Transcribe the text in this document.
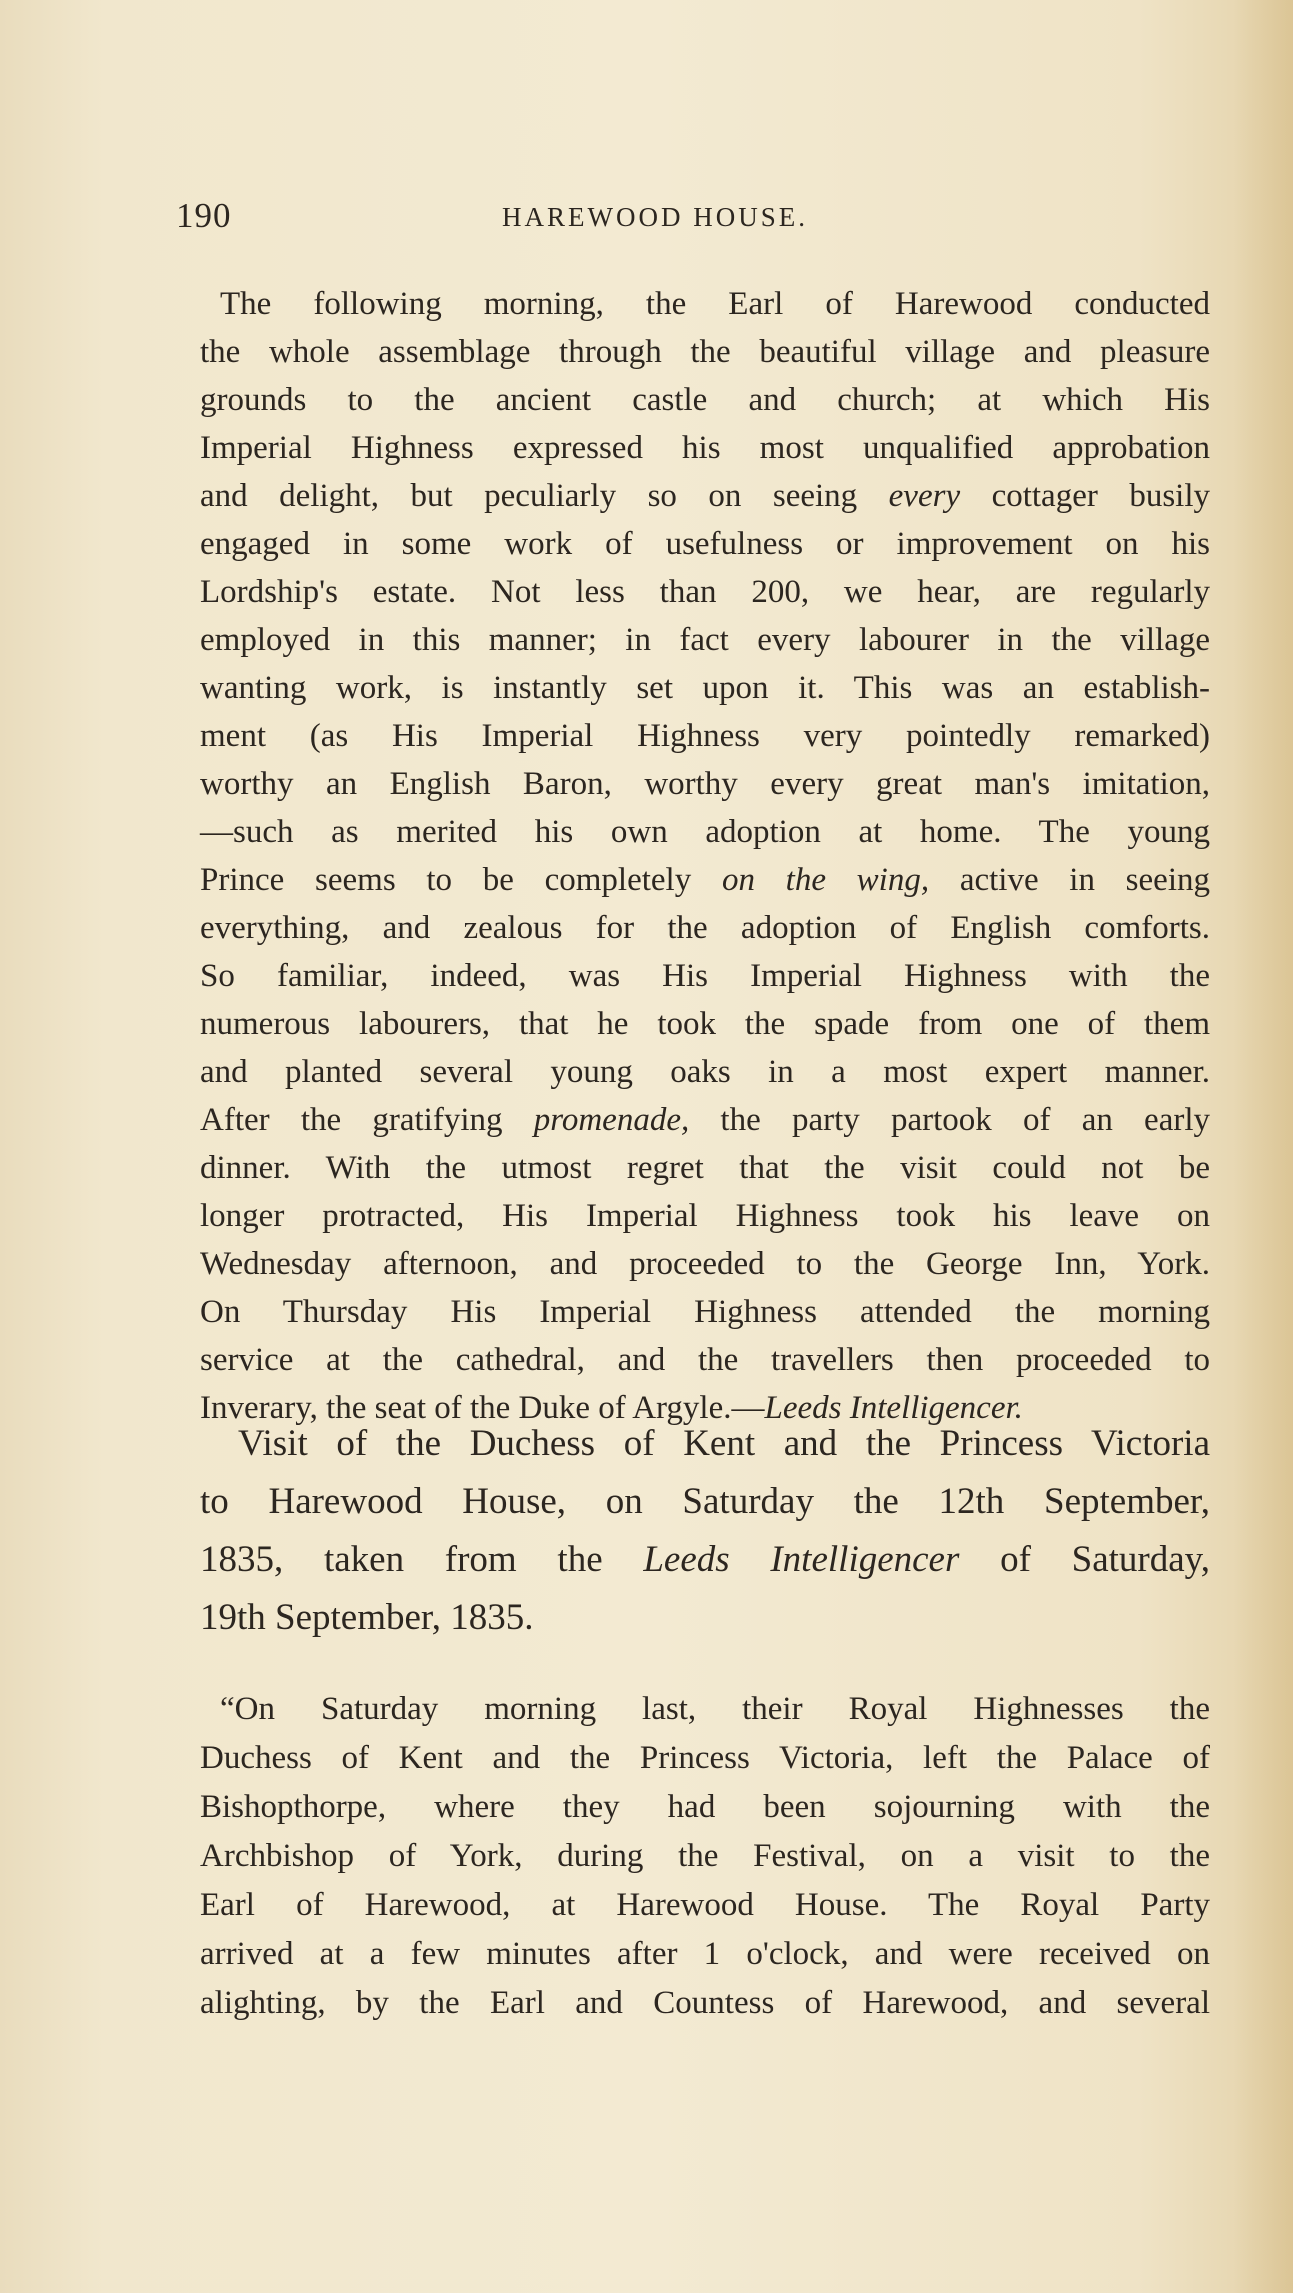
190	HAREWOOD HOUSE.
The following morning, the Earl of Harewood conducted
the whole assemblage through the beautiful village and pleasure
grounds to the ancient castle and church; at which His
Imperial Highness expressed his most unqualified approbation
and delight, but peculiarly so on seeing every cottager busily
engaged in some work of usefulness or improvement on his
Lordship's estate. Not less than 200, we hear, are regularly
employed in this manner; in fact every labourer in the village
wanting work, is instantly set upon it. This was an establish-
ment (as His Imperial Highness very pointedly remarked)
worthy an English Baron, worthy every great man's imitation,
—such as merited his own adoption at home. The young
Prince seems to be completely on the wing, active in seeing
everything, and zealous for the adoption of English comforts.
So familiar, indeed, was His Imperial Highness with the
numerous labourers, that he took the spade from one of them
and planted several young oaks in a most expert manner.
After the gratifying promenade, the party partook of an early
dinner. With the utmost regret that the visit could not be
longer protracted, His Imperial Highness took his leave on
Wednesday afternoon, and proceeded to the George Inn, York.
On Thursday His Imperial Highness attended the morning
service at the cathedral, and the travellers then proceeded to
Inverary, the seat of the Duke of Argyle.—Leeds Intelligencer.
Visit of the Duchess of Kent and the Princess Victoria
to Harewood House, on Saturday the 12th September,
1835, taken from the Leeds Intelligencer of Saturday,
19th September, 1835.
“On Saturday morning last, their Royal Highnesses the
Duchess of Kent and the Princess Victoria, left the Palace of
Bishopthorpe, where they had been sojourning with the
Archbishop of York, during the Festival, on a visit to the
Earl of Harewood, at Harewood House. The Royal Party
arrived at a few minutes after 1 o'clock, and were received on
alighting, by the Earl and Countess of Harewood, and several
